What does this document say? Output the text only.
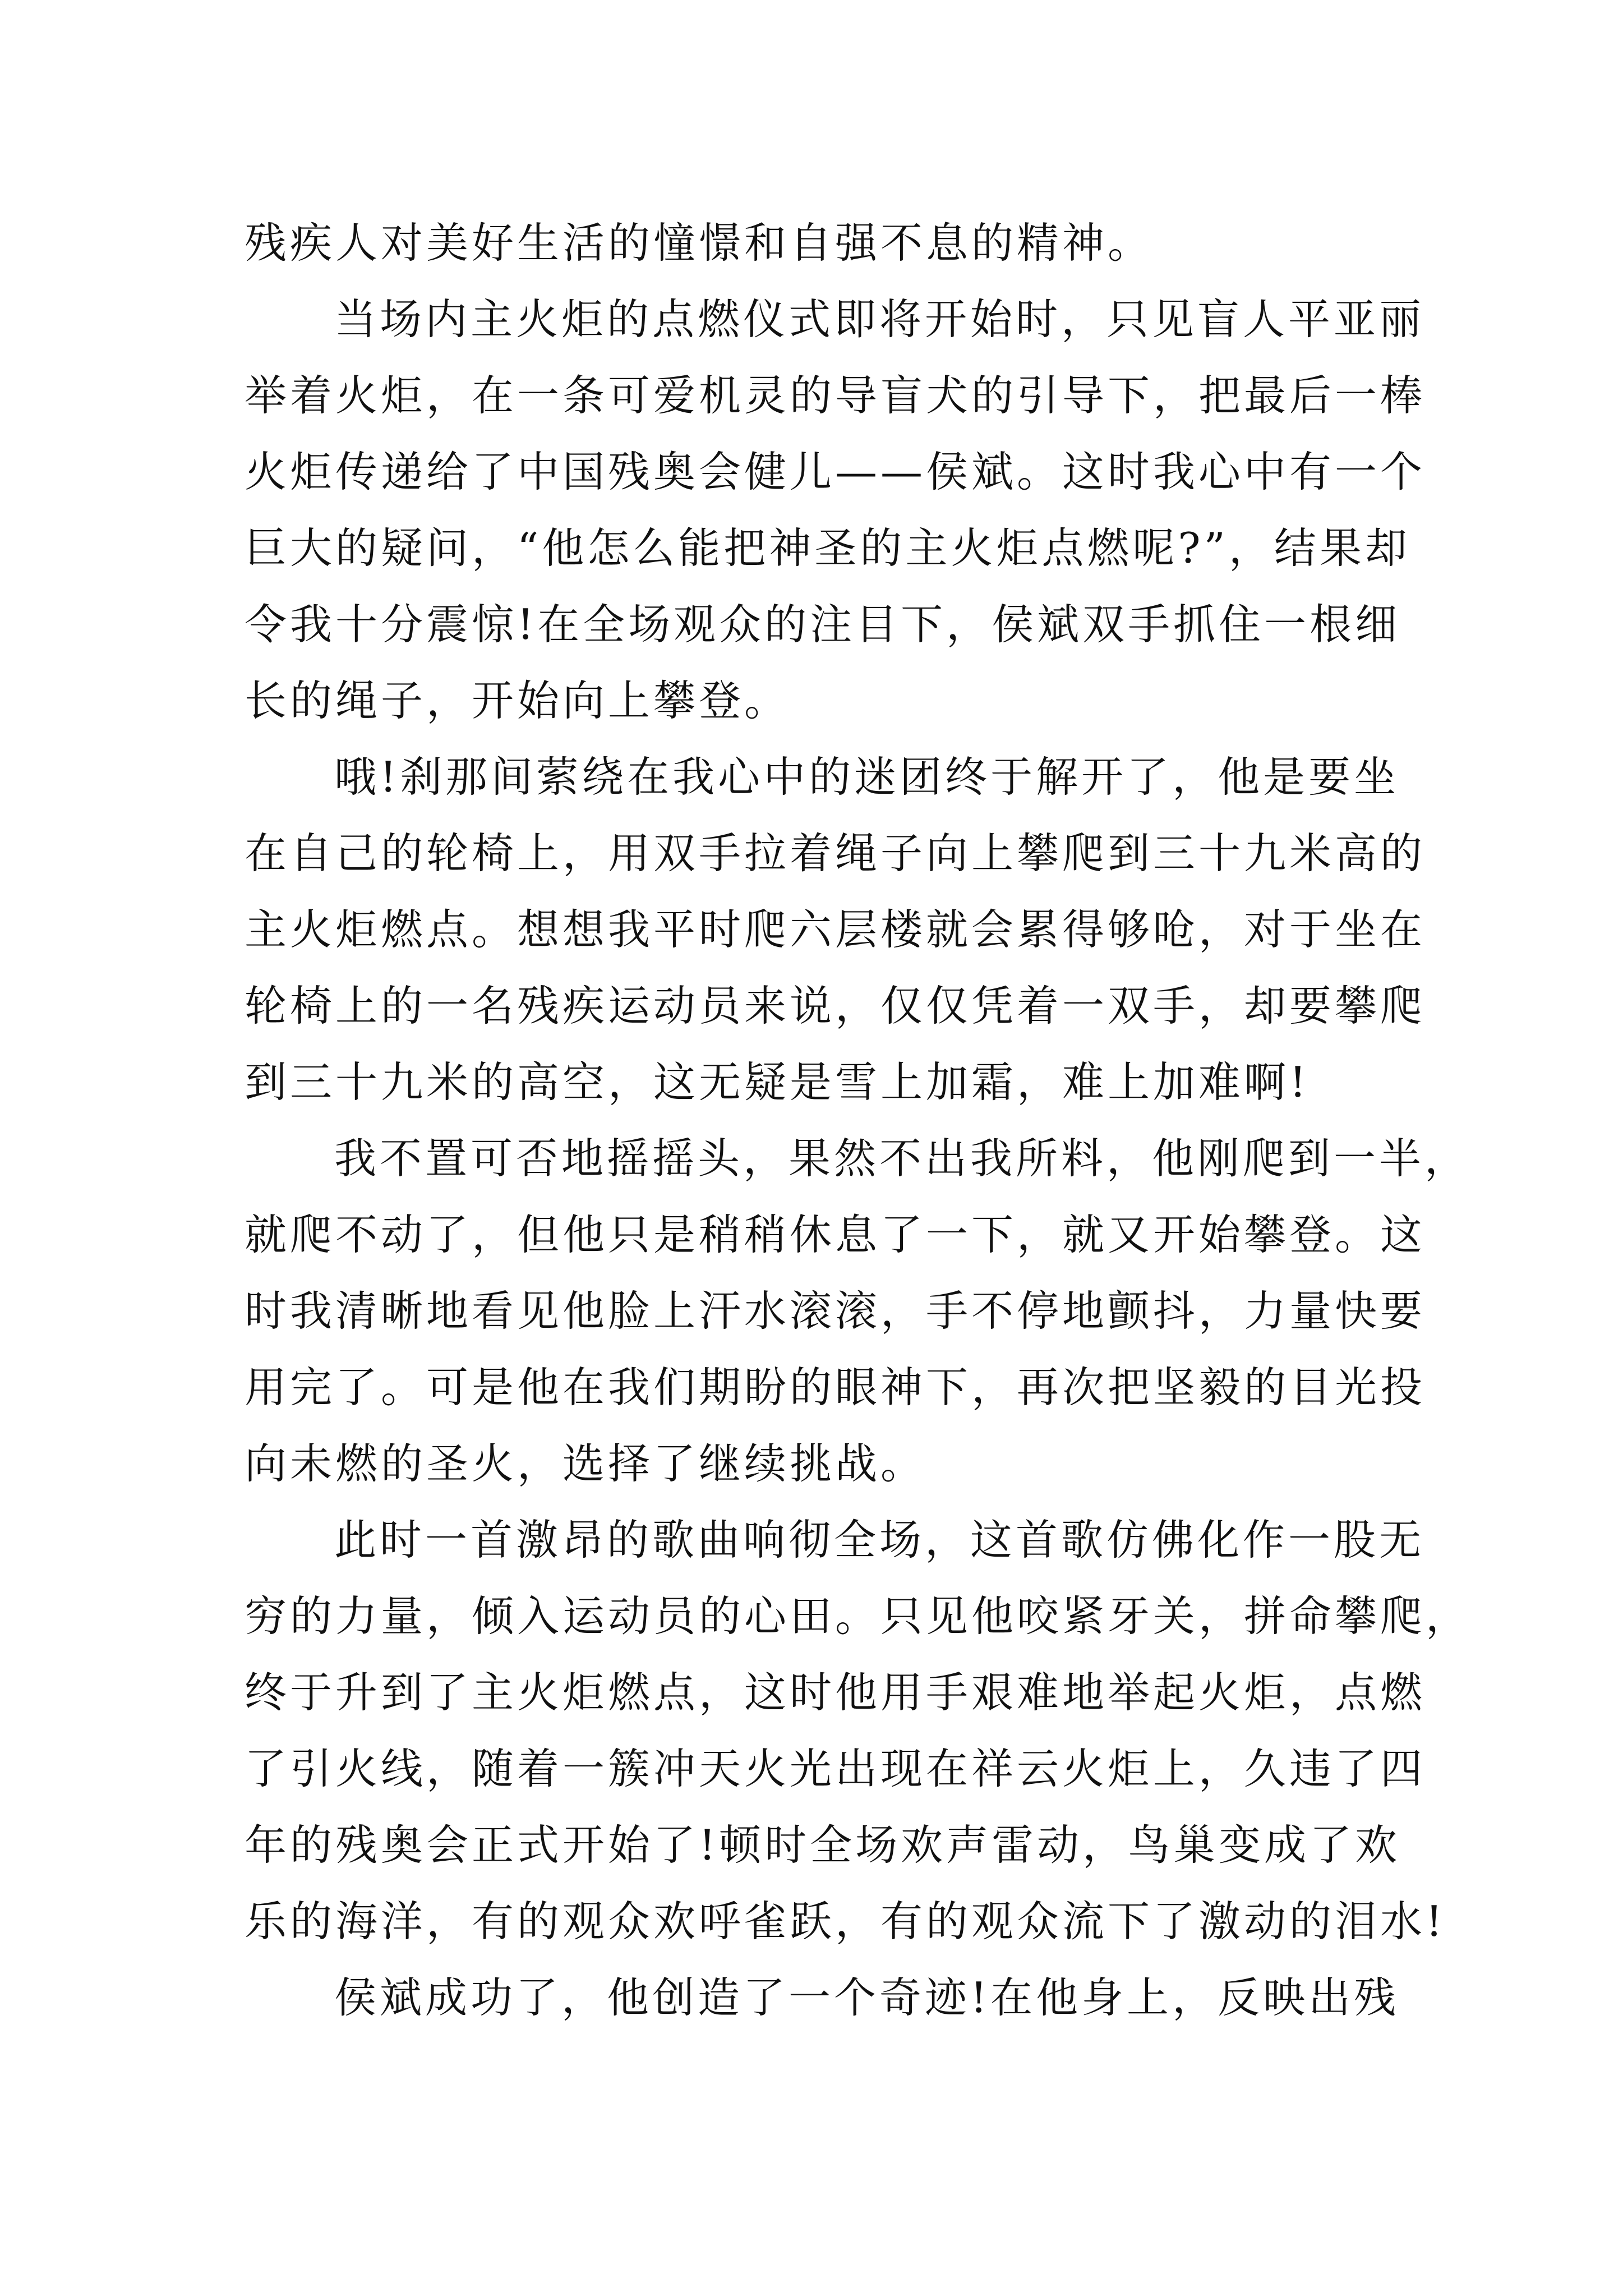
残疾人对美好生活的憧憬和自强不息的精神。
当场内主火炬的点燃仪式即将开始时，只见盲人平亚丽
举着火炬，在一条可爱机灵的导盲犬的引导下，把最后一棒
火炬传递给了中国残奥会健儿——侯斌。这时我心中有一个
巨大的疑问，“他怎么能把神圣的主火炬点燃呢?”，结果却
令我十分震惊!在全场观众的注目下，侯斌双手抓住一根细
长的绳子，开始向上攀登。
哦!刹那间萦绕在我心中的迷团终于解开了，他是要坐
在自己的轮椅上，用双手拉着绳子向上攀爬到三十九米高的
主火炬燃点。想想我平时爬六层楼就会累得够呛，对于坐在
轮椅上的一名残疾运动员来说，仅仅凭着一双手，却要攀爬
到三十九米的高空，这无疑是雪上加霜，难上加难啊!
我不置可否地摇摇头，果然不出我所料，他刚爬到一半，
就爬不动了，但他只是稍稍休息了一下，就又开始攀登。这
时我清晰地看见他脸上汗水滚滚，手不停地颤抖，力量快要
用完了。可是他在我们期盼的眼神下，再次把坚毅的目光投
向未燃的圣火，选择了继续挑战。
此时一首激昂的歌曲响彻全场，这首歌仿佛化作一股无
穷的力量，倾入运动员的心田。只见他咬紧牙关，拼命攀爬，
终于升到了主火炬燃点，这时他用手艰难地举起火炬，点燃
了引火线，随着一簇冲天火光出现在祥云火炬上，久违了四
年的残奥会正式开始了!顿时全场欢声雷动，鸟巢变成了欢
乐的海洋，有的观众欢呼雀跃，有的观众流下了激动的泪水!
侯斌成功了，他创造了一个奇迹!在他身上，反映出残
